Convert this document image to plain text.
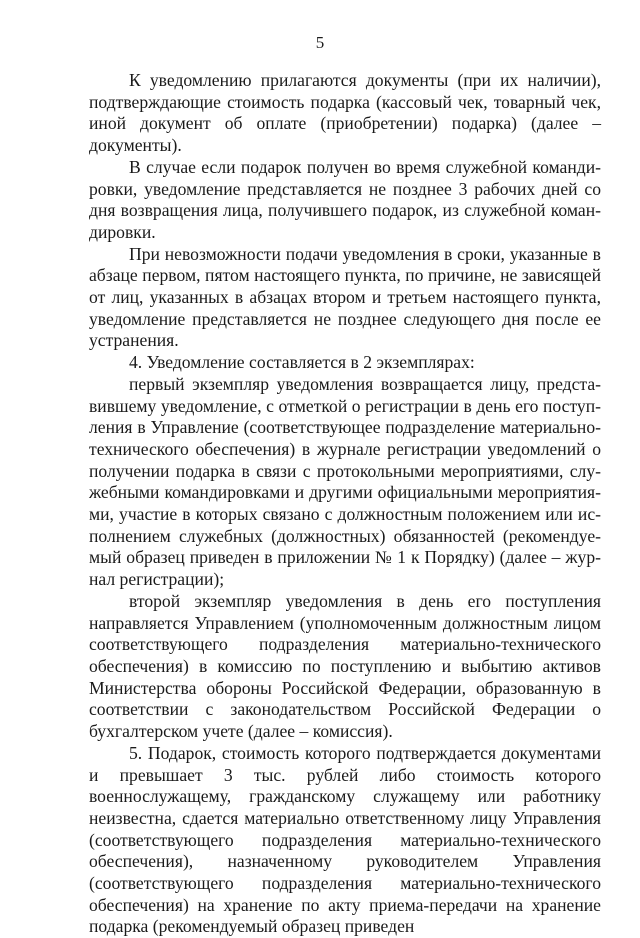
5

К уведомлению прилагаются документы (при их наличии), подтверждающие стоимость подарка (кассовый чек, товарный чек, иной документ об оплате (приобретении) подарка) (далее – документы).

В случае если подарок получен во время служебной командировки, уведомление представляется не позднее 3 рабочих дней со дня возвращения лица, получившего подарок, из служебной командировки.

При невозможности подачи уведомления в сроки, указанные в абзаце первом, пятом настоящего пункта, по причине, не зависящей от лиц, указанных в абзацах втором и третьем настоящего пункта, уведомление представляется не позднее следующего дня после ее устранения.

4. Уведомление составляется в 2 экземплярах:

первый экземпляр уведомления возвращается лицу, представившему уведомление, с отметкой о регистрации в день его поступления в Управление (соответствующее подразделение материально-технического обеспечения) в журнале регистрации уведомлений о получении подарка в связи с протокольными мероприятиями, служебными командировками и другими официальными мероприятиями, участие в которых связано с должностным положением или исполнением служебных (должностных) обязанностей (рекомендуемый образец приведен в приложении № 1 к Порядку) (далее – журнал регистрации);

второй экземпляр уведомления в день его поступления направляется Управлением (уполномоченным должностным лицом соответствующего подразделения материально-технического обеспечения) в комиссию по поступлению и выбытию активов Министерства обороны Российской Федерации, образованную в соответствии с законодательством Российской Федерации о бухгалтерском учете (далее – комиссия).

5. Подарок, стоимость которого подтверждается документами и превышает 3 тыс. рублей либо стоимость которого военнослужащему, гражданскому служащему или работнику неизвестна, сдается материально ответственному лицу Управления (соответствующего подразделения материально-технического обеспечения), назначенному руководителем Управления (соответствующего подразделения материально-технического обеспечения) на хранение по акту приема-передачи на хранение подарка (рекомендуемый образец приведен
